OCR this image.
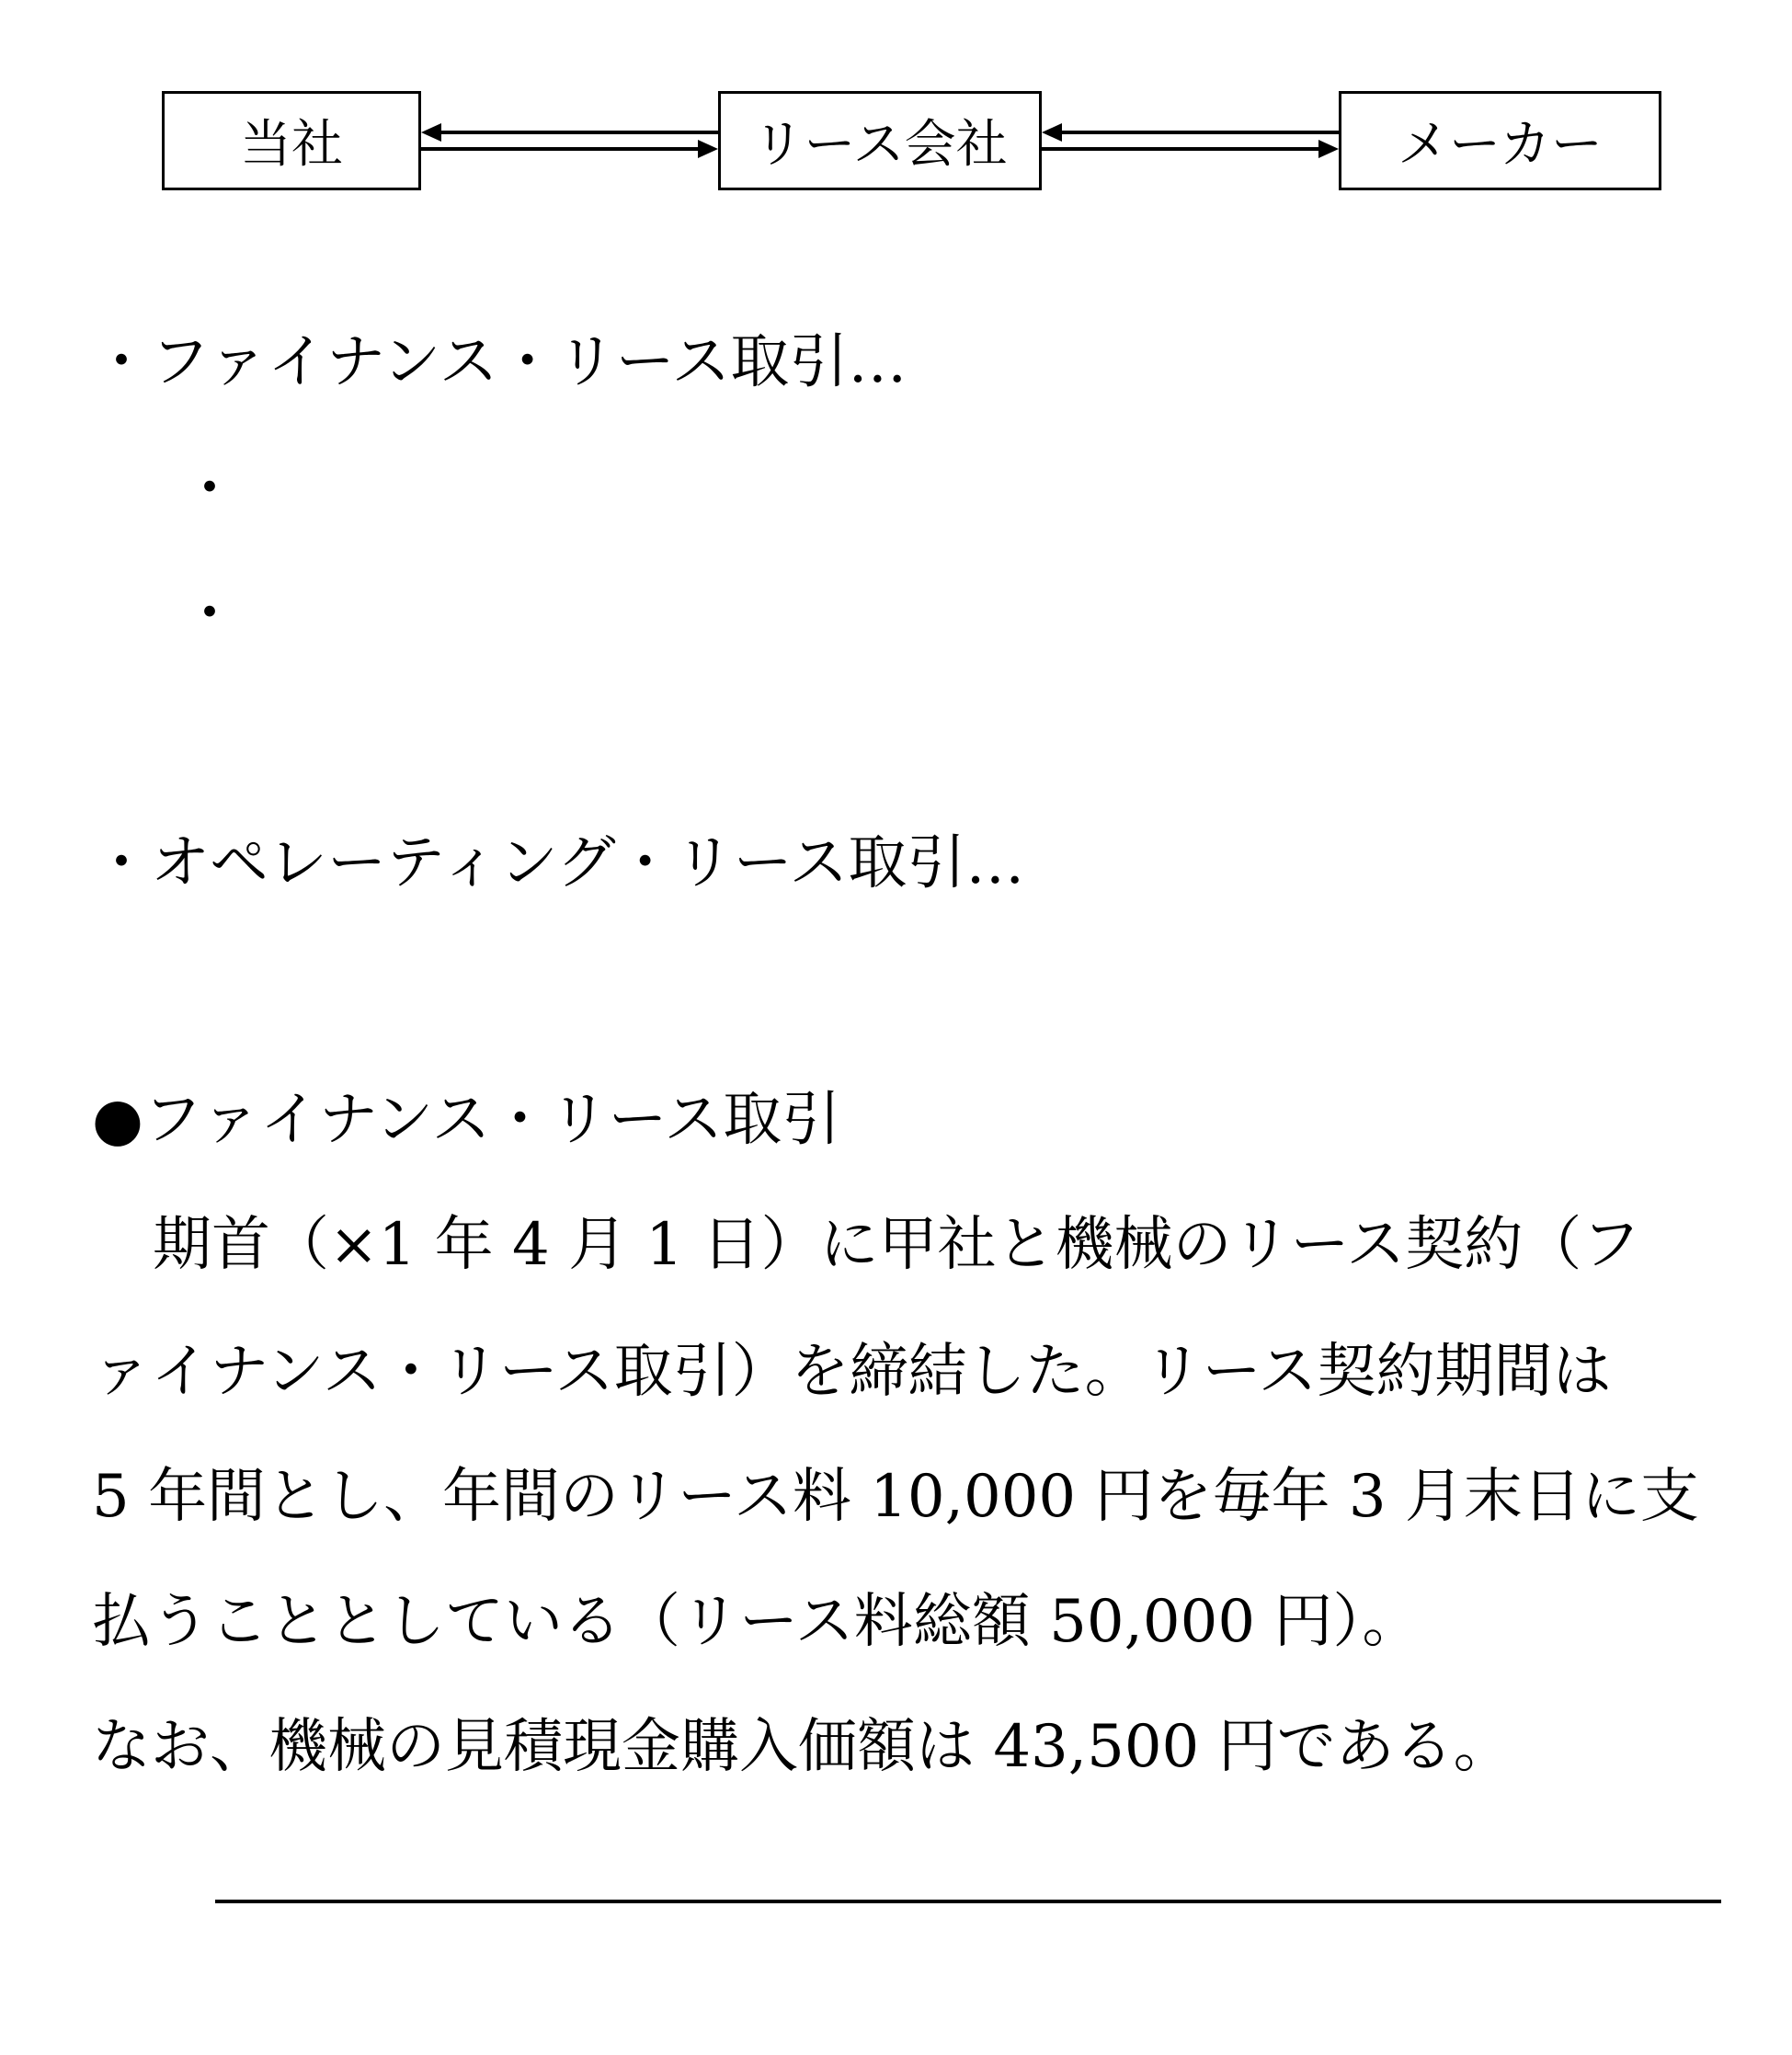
当社	リース会社	メーカー
・ファイナンス・リース取引…
・
・
・オペレーティング・リース取引…
●ファイナンス・リース取引
期首（×1 年 4 月 1 日）に甲社と機械のリース契約（フ
ァイナンス・リース取引）を締結した。リース契約期間は
5 年間とし、年間のリース料 10,000 円を毎年 3 月末日に支
払うこととしている（リース料総額 50,000 円）。
なお、機械の見積現金購入価額は 43,500 円である。
